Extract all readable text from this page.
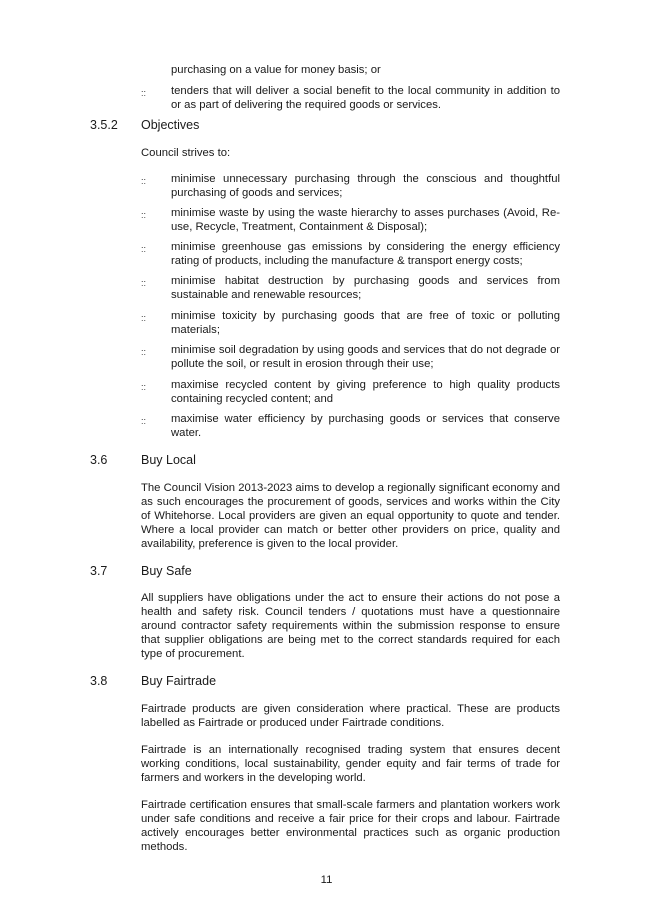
purchasing on a value for money basis; or
::	tenders that will deliver a social benefit to the local community in addition to or as part of delivering the required goods or services.
3.5.2	Objectives
Council strives to:
::	minimise unnecessary purchasing through the conscious and thoughtful purchasing of goods and services;
::	minimise waste by using the waste hierarchy to asses purchases (Avoid, Re-use, Recycle, Treatment, Containment & Disposal);
::	minimise greenhouse gas emissions by considering the energy efficiency rating of products, including the manufacture & transport energy costs;
::	minimise habitat destruction by purchasing goods and services from sustainable and renewable resources;
::	minimise toxicity by purchasing goods that are free of toxic or polluting materials;
::	minimise soil degradation by using goods and services that do not degrade or pollute the soil, or result in erosion through their use;
::	maximise recycled content by giving preference to high quality products containing recycled content; and
::	maximise water efficiency by purchasing goods or services that conserve water.
3.6	Buy Local
The Council Vision 2013-2023 aims to develop a regionally significant economy and as such encourages the procurement of goods, services and works within the City of Whitehorse. Local providers are given an equal opportunity to quote and tender. Where a local provider can match or better other providers on price, quality and availability, preference is given to the local provider.
3.7	Buy Safe
All suppliers have obligations under the act to ensure their actions do not pose a health and safety risk. Council tenders / quotations must have a questionnaire around contractor safety requirements within the submission response to ensure that supplier obligations are being met to the correct standards required for each type of procurement.
3.8	Buy Fairtrade
Fairtrade products are given consideration where practical. These are products labelled as Fairtrade or produced under Fairtrade conditions.
Fairtrade is an internationally recognised trading system that ensures decent working conditions, local sustainability, gender equity and fair terms of trade for farmers and workers in the developing world.
Fairtrade certification ensures that small-scale farmers and plantation workers work under safe conditions and receive a fair price for their crops and labour. Fairtrade actively encourages better environmental practices such as organic production methods.
11
